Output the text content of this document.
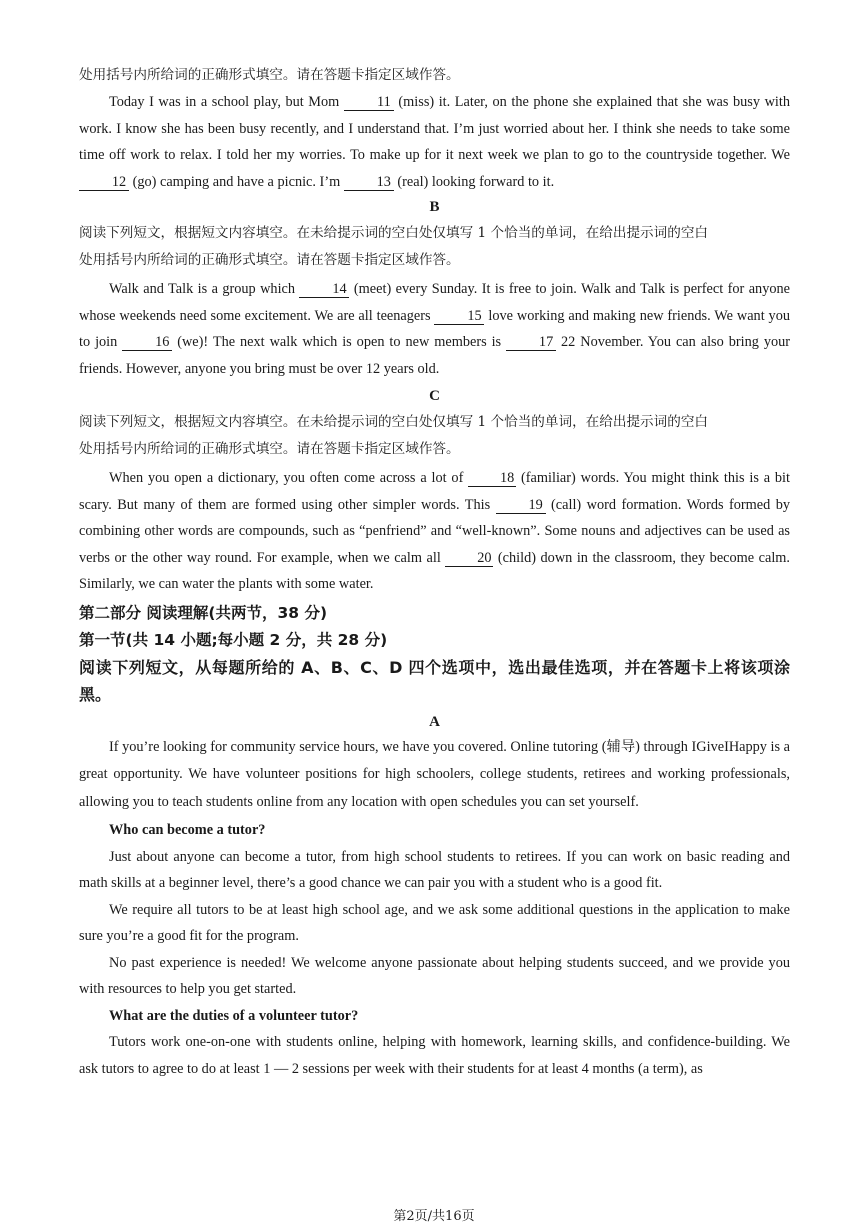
处用括号内所给词的正确形式填空。请在答题卡指定区域作答。

Today I was in a school play, but Mom	11 (miss) it. Later, on the phone she explained that she was busy with work. I know she has been busy recently, and I understand that. I’m just worried about her. I think she needs to take some time off work to relax. I told her my worries. To make up for it next week we plan to go to the countryside together. We 12 (go) camping and have a picnic. I’m	13 (real) looking forward to it.

B

阅读下列短文，根据短文内容填空。在未给提示词的空白处仅填写 1 个恰当的单词，在给出提示词的空白

处用括号内所给词的正确形式填空。请在答题卡指定区域作答。

Walk and Talk is a group which	14 (meet) every Sunday. It is free to join. Walk and Talk is perfect for anyone whose weekends need some excitement. We are all teenagers	15 love working and making new friends. We want you to join	16 (we)! The next walk which is open to new members is	17 22 November. You can also bring your friends. However, anyone you bring must be over 12 years old.

C

阅读下列短文，根据短文内容填空。在未给提示词的空白处仅填写 1 个恰当的单词，在给出提示词的空白

处用括号内所给词的正确形式填空。请在答题卡指定区域作答。

When you open a dictionary, you often come across a lot of	18 (familiar) words. You might think this is a bit scary. But many of them are formed using other simpler words. This	19 (call) word formation. Words formed by combining other words are compounds, such as “penfriend” and “well-known”. Some nouns and adjectives can be used as verbs or the other way round. For example, when we calm all	20 (child) down in the classroom, they become calm. Similarly, we can water the plants with some water.

第二部分 阅读理解(共两节，38 分)

第一节(共 14 小题;每小题 2 分，共 28 分)

阅读下列短文，从每题所给的 A、B、C、D 四个选项中，选出最佳选项，并在答题卡上将该项涂黑。

A

If you’re looking for community service hours, we have you covered. Online tutoring (辅导) through IGiveIHappy is a great opportunity. We have volunteer positions for high schoolers, college students, retirees and working professionals, allowing you to teach students online from any location with open schedules you can set yourself.

Who can become a tutor?

Just about anyone can become a tutor, from high school students to retirees. If you can work on basic reading and math skills at a beginner level, there’s a good chance we can pair you with a student who is a good fit.

We require all tutors to be at least high school age, and we ask some additional questions in the application to make sure you’re a good fit for the program.

No past experience is needed! We welcome anyone passionate about helping students succeed, and we provide you with resources to help you get started.

What are the duties of a volunteer tutor?

Tutors work one-on-one with students online, helping with homework, learning skills, and confidence-building. We ask tutors to agree to do at least 1 — 2 sessions per week with their students for at least 4 months (a term), as

第2页/共16页
